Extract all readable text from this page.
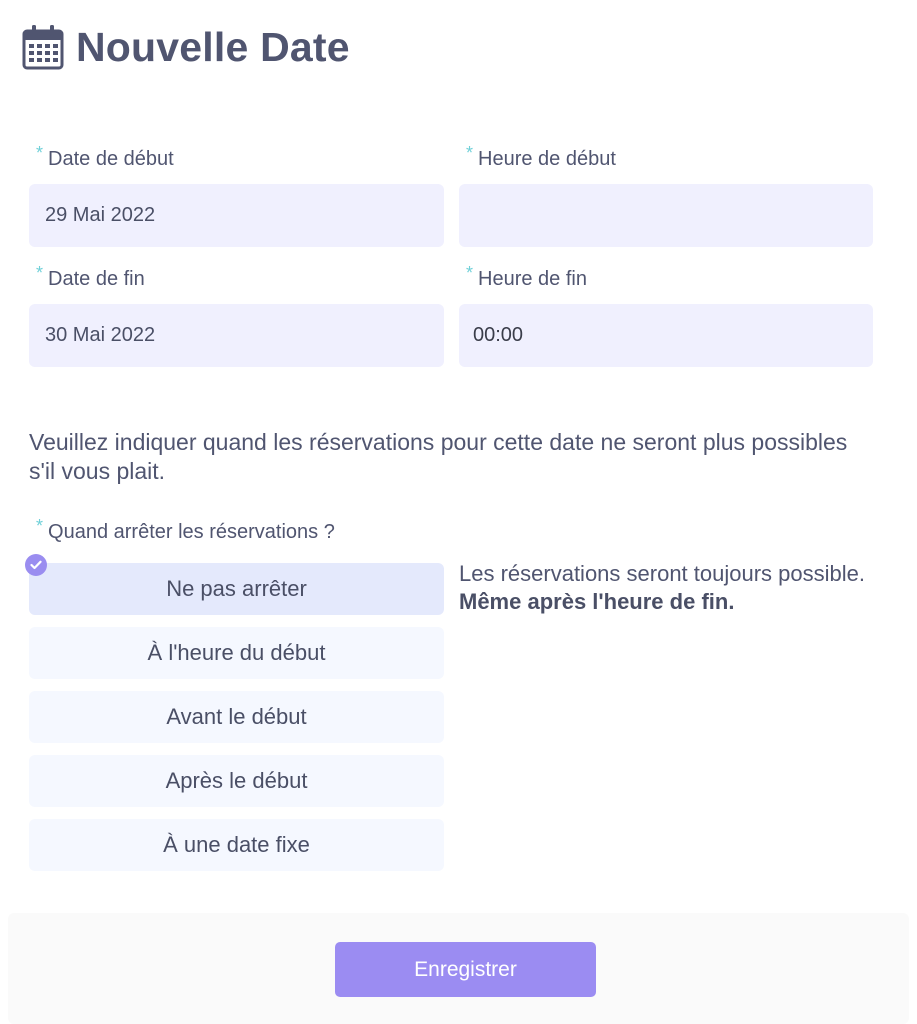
Nouvelle Date
* Date de début
29 Mai 2022	* Heure de début
* Date de fin
30 Mai 2022	* Heure de fin
00:00

Veuillez indiquer quand les réservations pour cette date ne seront plus possibles s'il vous plait.

* Quand arrêter les réservations ?
Ne pas arrêter
À l'heure du début
Avant le début
Après le début
À une date fixe

Les réservations seront toujours possible. Même après l'heure de fin.

Enregistrer
